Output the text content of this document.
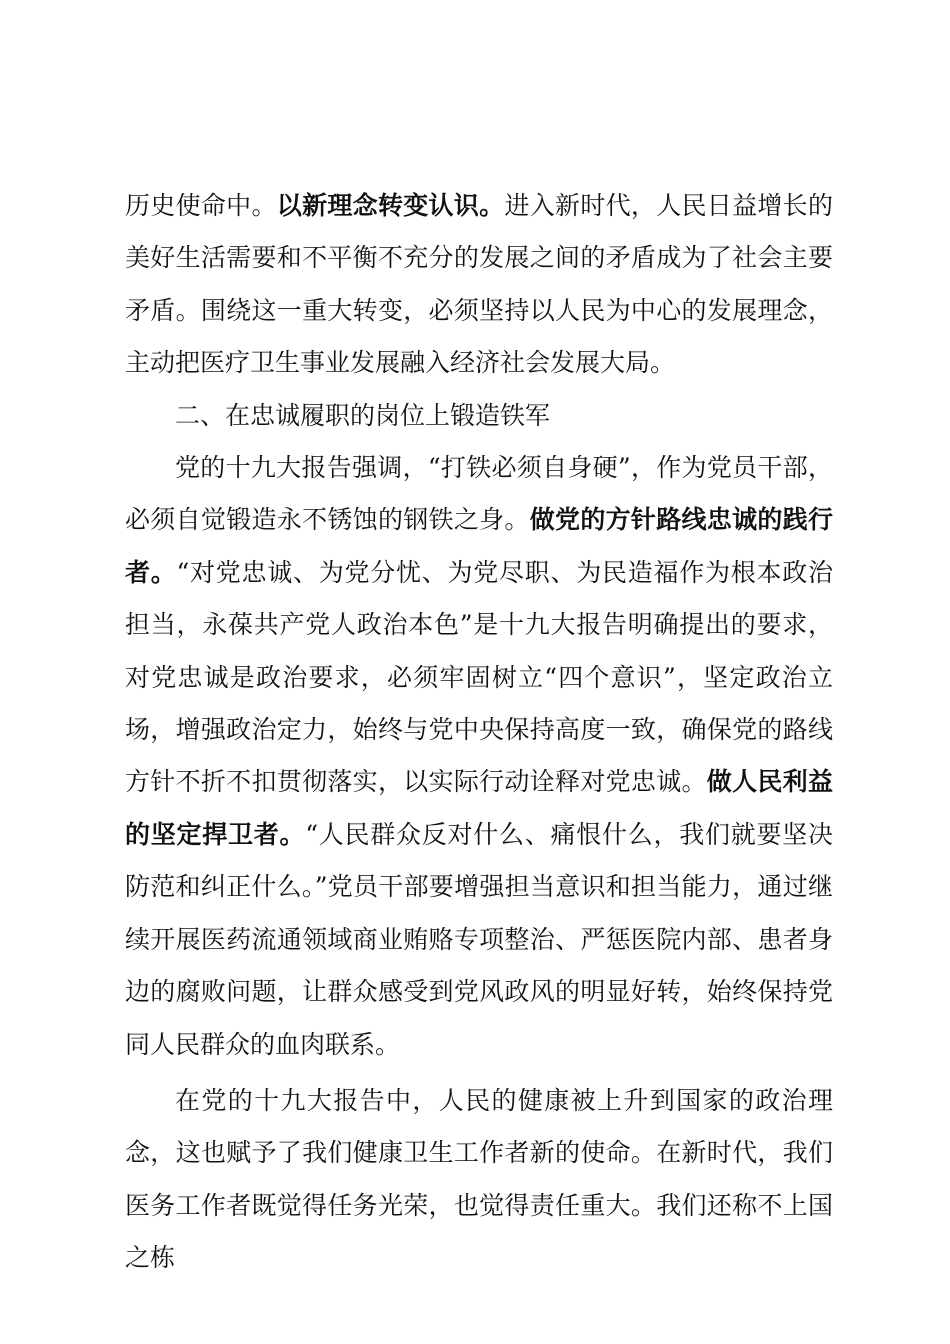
历史使命中。以新理念转变认识。进入新时代，人民日益增长的美好生活需要和不平衡不充分的发展之间的矛盾成为了社会主要矛盾。围绕这一重大转变，必须坚持以人民为中心的发展理念，主动把医疗卫生事业发展融入经济社会发展大局。

二、在忠诚履职的岗位上锻造铁军

党的十九大报告强调，“打铁必须自身硬”，作为党员干部，必须自觉锻造永不锈蚀的钢铁之身。做党的方针路线忠诚的践行者。“对党忠诚、为党分忧、为党尽职、为民造福作为根本政治担当，永葆共产党人政治本色”是十九大报告明确提出的要求，对党忠诚是政治要求，必须牢固树立“四个意识”，坚定政治立场，增强政治定力，始终与党中央保持高度一致，确保党的路线方针不折不扣贯彻落实，以实际行动诠释对党忠诚。做人民利益的坚定捍卫者。“人民群众反对什么、痛恨什么，我们就要坚决防范和纠正什么。”党员干部要增强担当意识和担当能力，通过继续开展医药流通领域商业贿赂专项整治、严惩医院内部、患者身边的腐败问题，让群众感受到党风政风的明显好转，始终保持党同人民群众的血肉联系。

在党的十九大报告中，人民的健康被上升到国家的政治理念，这也赋予了我们健康卫生工作者新的使命。在新时代，我们医务工作者既觉得任务光荣，也觉得责任重大。我们还称不上国之栋
